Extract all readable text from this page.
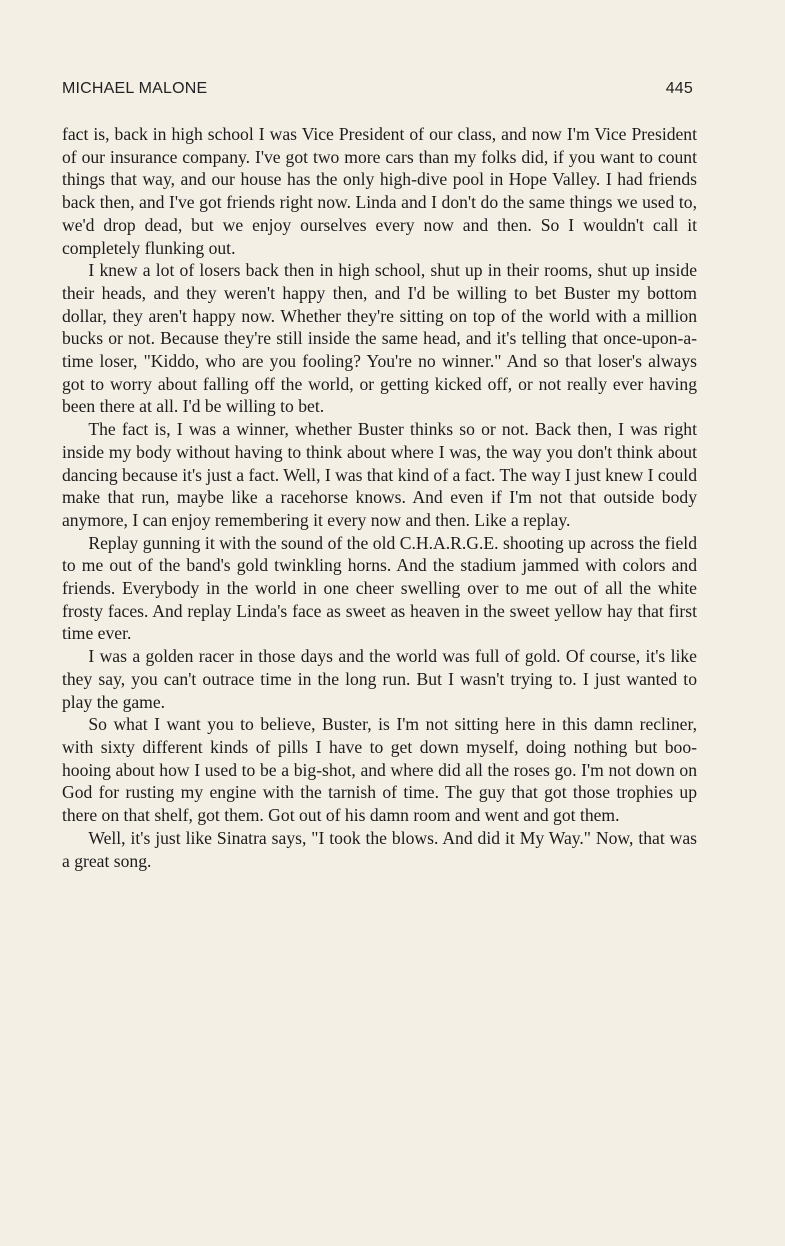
MICHAEL MALONE	445

fact is, back in high school I was Vice President of our class, and now I'm Vice President of our insurance company. I've got two more cars than my folks did, if you want to count things that way, and our house has the only high-dive pool in Hope Valley. I had friends back then, and I've got friends right now. Linda and I don't do the same things we used to, we'd drop dead, but we enjoy ourselves every now and then. So I wouldn't call it completely flunking out.

I knew a lot of losers back then in high school, shut up in their rooms, shut up inside their heads, and they weren't happy then, and I'd be willing to bet Buster my bottom dollar, they aren't happy now. Whether they're sitting on top of the world with a million bucks or not. Because they're still inside the same head, and it's telling that once-upon-a-time loser, "Kiddo, who are you fooling? You're no winner." And so that loser's always got to worry about falling off the world, or getting kicked off, or not really ever having been there at all. I'd be willing to bet.

The fact is, I was a winner, whether Buster thinks so or not. Back then, I was right inside my body without having to think about where I was, the way you don't think about dancing because it's just a fact. Well, I was that kind of a fact. The way I just knew I could make that run, maybe like a racehorse knows. And even if I'm not that outside body anymore, I can enjoy remembering it every now and then. Like a replay.

Replay gunning it with the sound of the old C.H.A.R.G.E. shooting up across the field to me out of the band's gold twinkling horns. And the stadium jammed with colors and friends. Everybody in the world in one cheer swelling over to me out of all the white frosty faces. And replay Linda's face as sweet as heaven in the sweet yellow hay that first time ever.

I was a golden racer in those days and the world was full of gold. Of course, it's like they say, you can't outrace time in the long run. But I wasn't trying to. I just wanted to play the game.

So what I want you to believe, Buster, is I'm not sitting here in this damn recliner, with sixty different kinds of pills I have to get down myself, doing nothing but boo-hooing about how I used to be a big-shot, and where did all the roses go. I'm not down on God for rusting my engine with the tarnish of time. The guy that got those trophies up there on that shelf, got them. Got out of his damn room and went and got them.

Well, it's just like Sinatra says, "I took the blows. And did it My Way." Now, that was a great song.
